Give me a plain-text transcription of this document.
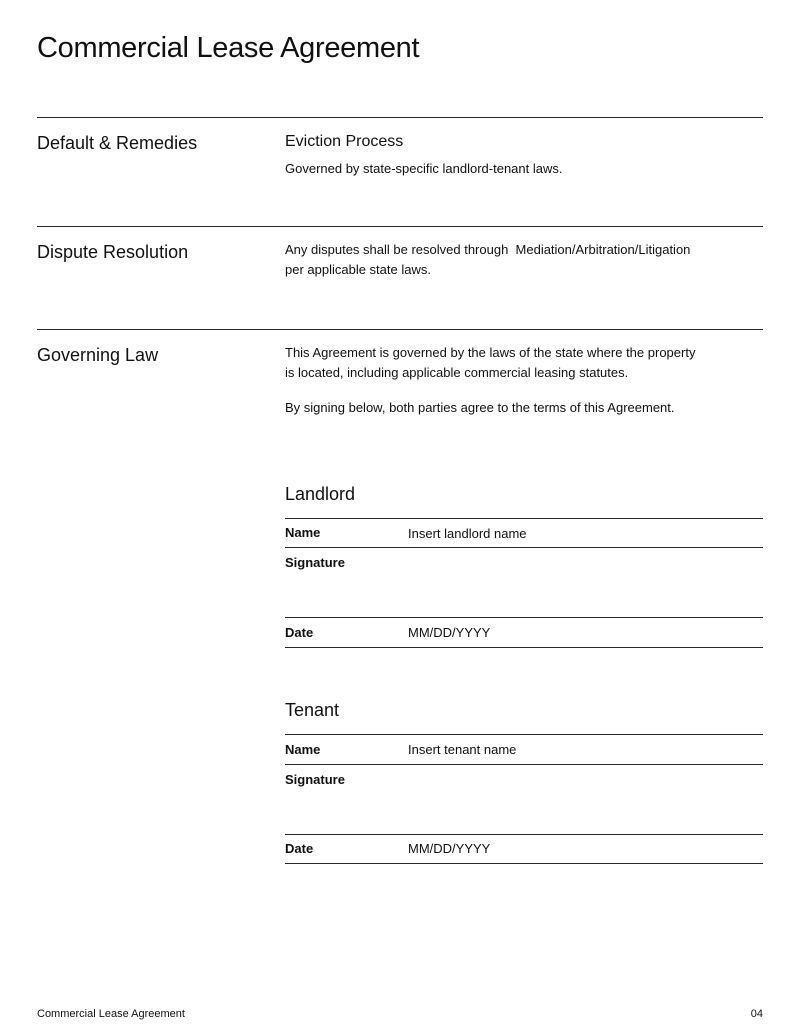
Commercial Lease Agreement
Default & Remedies	Eviction Process

Governed by state-specific landlord-tenant laws.

Dispute Resolution	Any disputes shall be resolved through  Mediation/Arbitration/Litigation
per applicable state laws.
Governing Law	This Agreement is governed by the laws of the state where the property
is located, including applicable commercial leasing statutes.
By signing below, both parties agree to the terms of this Agreement.
Landlord
Name	Insert landlord name
Signature
Date	MM/DD/YYYY
Tenant
Name	Insert tenant name
Signature
Date	MM/DD/YYYY
Commercial Lease Agreement	04
